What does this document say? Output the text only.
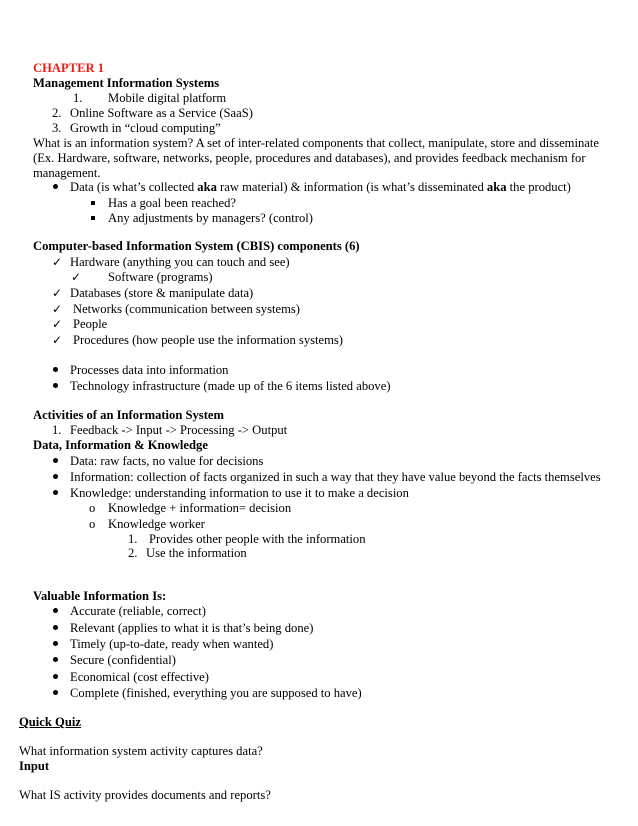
CHAPTER 1
Management Information Systems
1. Mobile digital platform
2. Online Software as a Service (SaaS)
3. Growth in “cloud computing”
What is an information system? A set of inter-related components that collect, manipulate, store and disseminate
(Ex. Hardware, software, networks, people, procedures and databases), and provides feedback mechanism for
management.
Data (is what’s collected aka raw material) & information (is what’s disseminated aka the product)
Has a goal been reached?
Any adjustments by managers? (control)
Computer-based Information System (CBIS) components (6)
✓ Hardware (anything you can touch and see)
✓ Software (programs)
✓ Databases (store & manipulate data)
✓ Networks (communication between systems)
✓ People
✓ Procedures (how people use the information systems)
Processes data into information
Technology infrastructure (made up of the 6 items listed above)
Activities of an Information System
1. Feedback -> Input -> Processing -> Output
Data, Information & Knowledge
Data: raw facts, no value for decisions
Information: collection of facts organized in such a way that they have value beyond the facts themselves
Knowledge: understanding information to use it to make a decision
o Knowledge + information= decision
o Knowledge worker
1. Provides other people with the information
2. Use the information
Valuable Information Is:
Accurate (reliable, correct)
Relevant (applies to what it is that’s being done)
Timely (up-to-date, ready when wanted)
Secure (confidential)
Economical (cost effective)
Complete (finished, everything you are supposed to have)
Quick Quiz
What information system activity captures data?
Input
What IS activity provides documents and reports?
